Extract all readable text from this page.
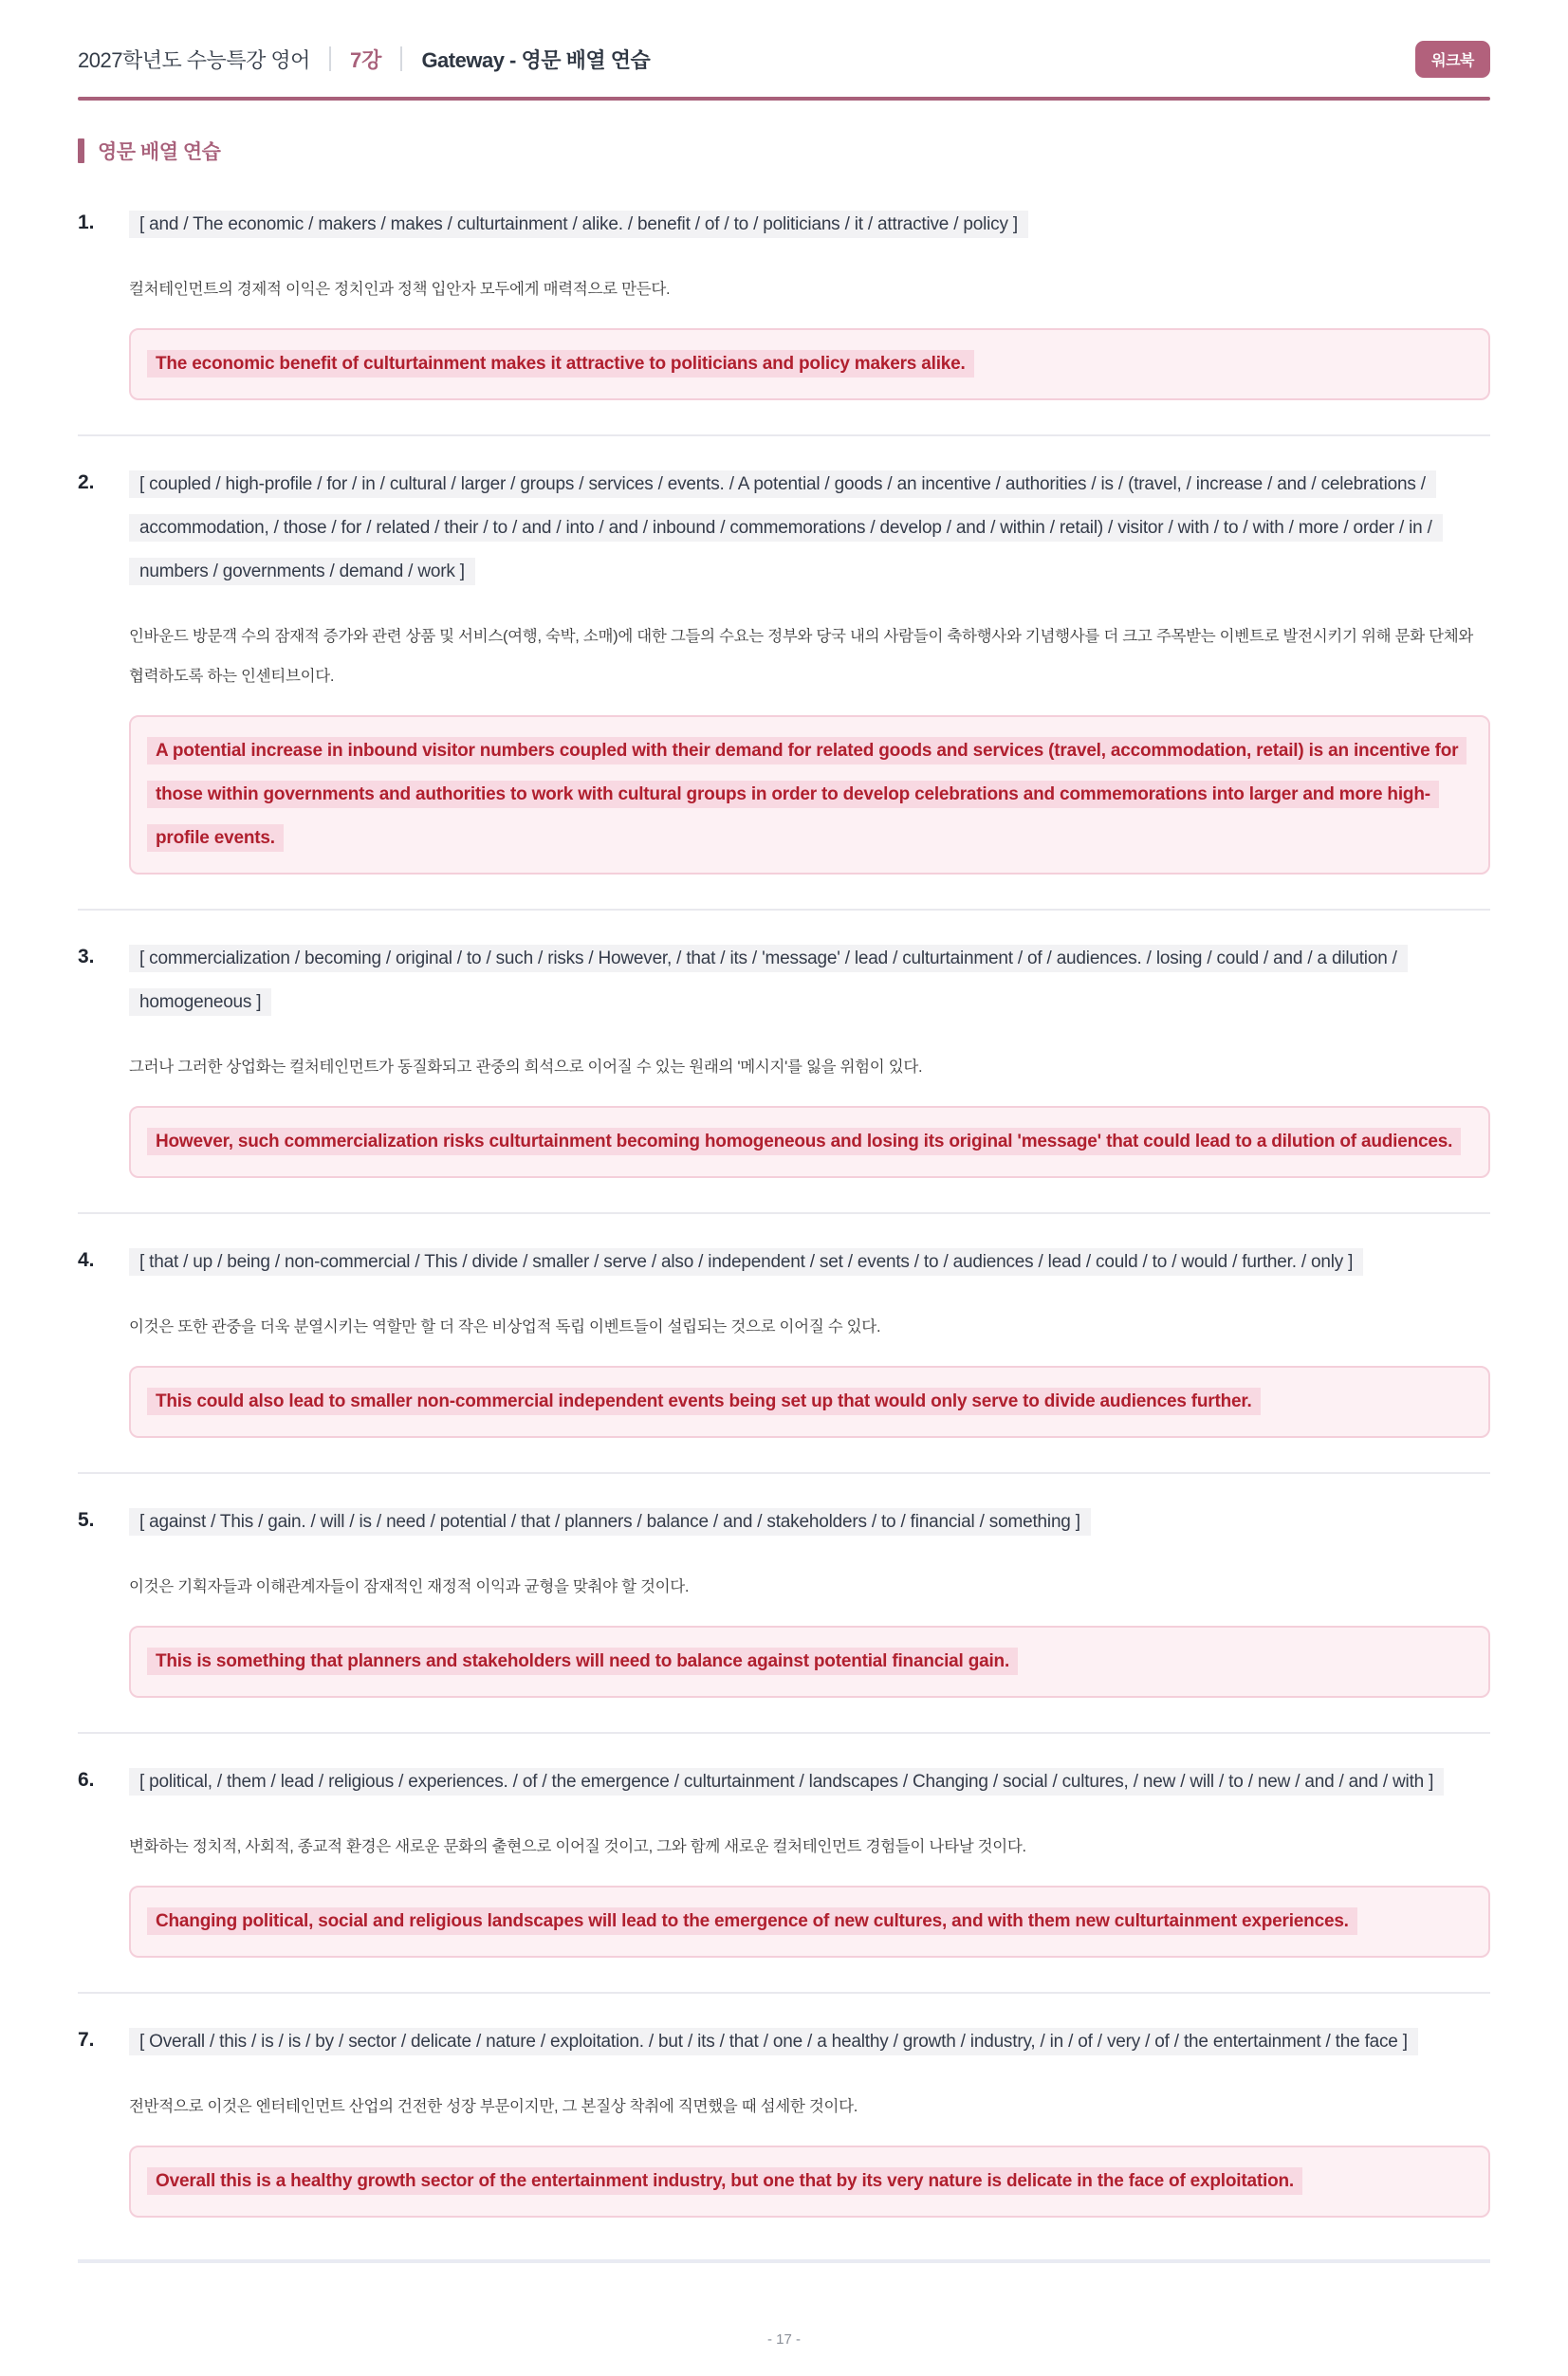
2027학년도 수능특강 영어 7강 Gateway - 영문 배열 연습	워크북
영문 배열 연습
1.	[ and / The economic / makers / makes / culturtainment / alike. / benefit / of / to / politicians / it / attractive / policy ]

컬처테인먼트의 경제적 이익은 정치인과 정책 입안자 모두에게 매력적으로 만든다.

The economic benefit of culturtainment makes it attractive to politicians and policy makers alike.

2.	[ coupled / high-profile / for / in / cultural / larger / groups / services / events. / A potential / goods / an incentive / authorities / is / (travel, / increase / and / celebrations / accommodation, / those / for / related / their / to / and / into / and / inbound / commemorations / develop / and / within / retail) / visitor / with / to / with / more / order / in / numbers / governments / demand / work ]

인바운드 방문객 수의 잠재적 증가와 관련 상품 및 서비스(여행, 숙박, 소매)에 대한 그들의 수요는 정부와 당국 내의 사람들이 축하행사와 기념행사를 더 크고 주목받는 이벤트로 발전시키기 위해 문화 단체와 협력하도록 하는 인센티브이다.

A potential increase in inbound visitor numbers coupled with their demand for related goods and services (travel, accommodation, retail) is an incentive for those within governments and authorities to work with cultural groups in order to develop celebrations and commemorations into larger and more high-profile events.

3.	[ commercialization / becoming / original / to / such / risks / However, / that / its / 'message' / lead / culturtainment / of / audiences. / losing / could / and / a dilution / homogeneous ]

그러나 그러한 상업화는 컬처테인먼트가 동질화되고 관중의 희석으로 이어질 수 있는 원래의 '메시지'를 잃을 위험이 있다.

However, such commercialization risks culturtainment becoming homogeneous and losing its original 'message' that could lead to a dilution of audiences.

4.	[ that / up / being / non-commercial / This / divide / smaller / serve / also / independent / set / events / to / audiences / lead / could / to / would / further. / only ]

이것은 또한 관중을 더욱 분열시키는 역할만 할 더 작은 비상업적 독립 이벤트들이 설립되는 것으로 이어질 수 있다.

This could also lead to smaller non-commercial independent events being set up that would only serve to divide audiences further.

5.	[ against / This / gain. / will / is / need / potential / that / planners / balance / and / stakeholders / to / financial / something ]

이것은 기획자들과 이해관계자들이 잠재적인 재정적 이익과 균형을 맞춰야 할 것이다.

This is something that planners and stakeholders will need to balance against potential financial gain.

6.	[ political, / them / lead / religious / experiences. / of / the emergence / culturtainment / landscapes / Changing / social / cultures, / new / will / to / new / and / and / with ]

변화하는 정치적, 사회적, 종교적 환경은 새로운 문화의 출현으로 이어질 것이고, 그와 함께 새로운 컬처테인먼트 경험들이 나타날 것이다.

Changing political, social and religious landscapes will lead to the emergence of new cultures, and with them new culturtainment experiences.

7.	[ Overall / this / is / is / by / sector / delicate / nature / exploitation. / but / its / that / one / a healthy / growth / industry, / in / of / very / of / the entertainment / the face ]

전반적으로 이것은 엔터테인먼트 산업의 건전한 성장 부문이지만, 그 본질상 착취에 직면했을 때 섬세한 것이다.

Overall this is a healthy growth sector of the entertainment industry, but one that by its very nature is delicate in the face of exploitation.

- 17 -
